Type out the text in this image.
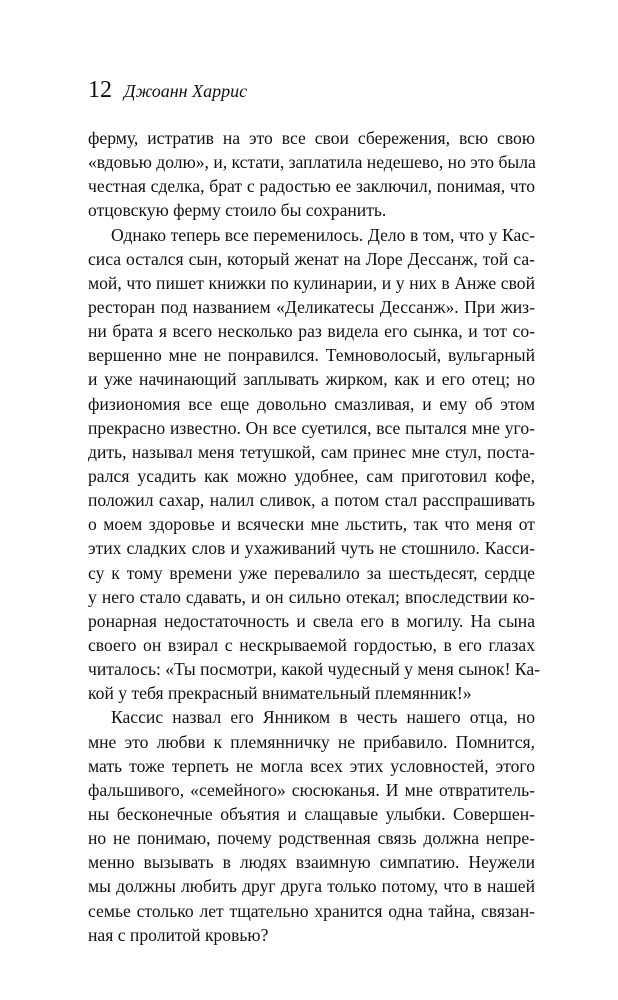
12 Джоанн Харрис
ферму, истратив на это все свои сбережения, всю свою
«вдовью долю», и, кстати, заплатила недешево, но это была
честная сделка, брат с радостью ее заключил, понимая, что
отцовскую ферму стоило бы сохранить.
Однако теперь все переменилось. Дело в том, что у Кас-
сиса остался сын, который женат на Лоре Дессанж, той са-
мой, что пишет книжки по кулинарии, и у них в Анже свой
ресторан под названием «Деликатесы Дессанж». При жиз-
ни брата я всего несколько раз видела его сынка, и тот со-
вершенно мне не понравился. Темноволосый, вульгарный
и уже начинающий заплывать жирком, как и его отец; но
физиономия все еще довольно смазливая, и ему об этом
прекрасно известно. Он все суетился, все пытался мне уго-
дить, называл меня тетушкой, сам принес мне стул, поста-
рался усадить как можно удобнее, сам приготовил кофе,
положил сахар, налил сливок, а потом стал расспрашивать
о моем здоровье и всячески мне льстить, так что меня от
этих сладких слов и ухаживаний чуть не стошнило. Касси-
су к тому времени уже перевалило за шестьдесят, сердце
у него стало сдавать, и он сильно отекал; впоследствии ко-
ронарная недостаточность и свела его в могилу. На сына
своего он взирал с нескрываемой гордостью, в его глазах
читалось: «Ты посмотри, какой чудесный у меня сынок! Ка-
кой у тебя прекрасный внимательный племянник!»
Кассис назвал его Янником в честь нашего отца, но
мне это любви к племянничку не прибавило. Помнится,
мать тоже терпеть не могла всех этих условностей, этого
фальшивого, «семейного» сюсюканья. И мне отвратитель-
ны бесконечные объятия и слащавые улыбки. Совершен-
но не понимаю, почему родственная связь должна непре-
менно вызывать в людях взаимную симпатию. Неужели
мы должны любить друг друга только потому, что в нашей
семье столько лет тщательно хранится одна тайна, связан-
ная с пролитой кровью?
